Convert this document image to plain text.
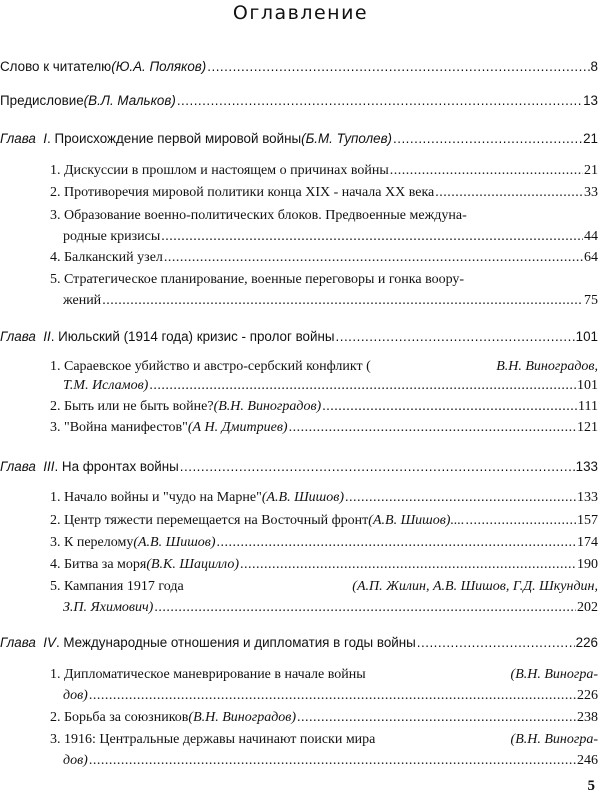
Оглавление
Слово к читателю (Ю.А. Поляков) .....	8
Предисловие (В.Л. Мальков) .....	13
Глава I . Происхождение первой мировой войны (Б.М. Туполев) .....	21
1. Дискуссии в прошлом и настоящем о причинах войны .....	21
2. Противоречия мировой политики конца XIX - начала XX века .....	33
3. Образование военно-политических блоков. Предвоенные междуна-
родные кризисы .....	44
4. Балканский узел .....	64
5. Стратегическое планирование, военные переговоры и гонка воору-
жений .....	75
Глава II . Июльский (1914 года) кризис - пролог войны .....	101
1. Сараевское убийство и австро-сербский конфликт (	В.Н. Виноградов,
Т.М. Исламов) .....	101
2. Быть или не быть войне? (В.Н. Виноградов) .....	111
3. "Война манифестов" (А Н. Дмитриев) .....	121
Глава III . На фронтах войны .....	133
1. Начало войны и "чудо на Марне" (А.В. Шишов) .....	133
2. Центр тяжести перемещается на Восточный фронт (А.В. Шишов).... .....	157
3. К перелому (А.В. Шишов) .....	174
4. Битва за моря (В.К. Шацилло) .....	190
5. Кампания 1917 года	(А.П. Жилин, А.В. Шишов, Г.Д. Шкундин,
З.П. Яхимович) .....	202
Глава IV . Международные отношения и дипломатия в годы войны .....	226
1. Дипломатическое маневрирование в начале войны	(В.Н. Виногра-
дов) .....	226
2. Борьба за союзников (В.Н. Виноградов) .....	238
3. 1916: Центральные державы начинают поиски мира	(В.Н. Виногра-
дов) .....	246
5
